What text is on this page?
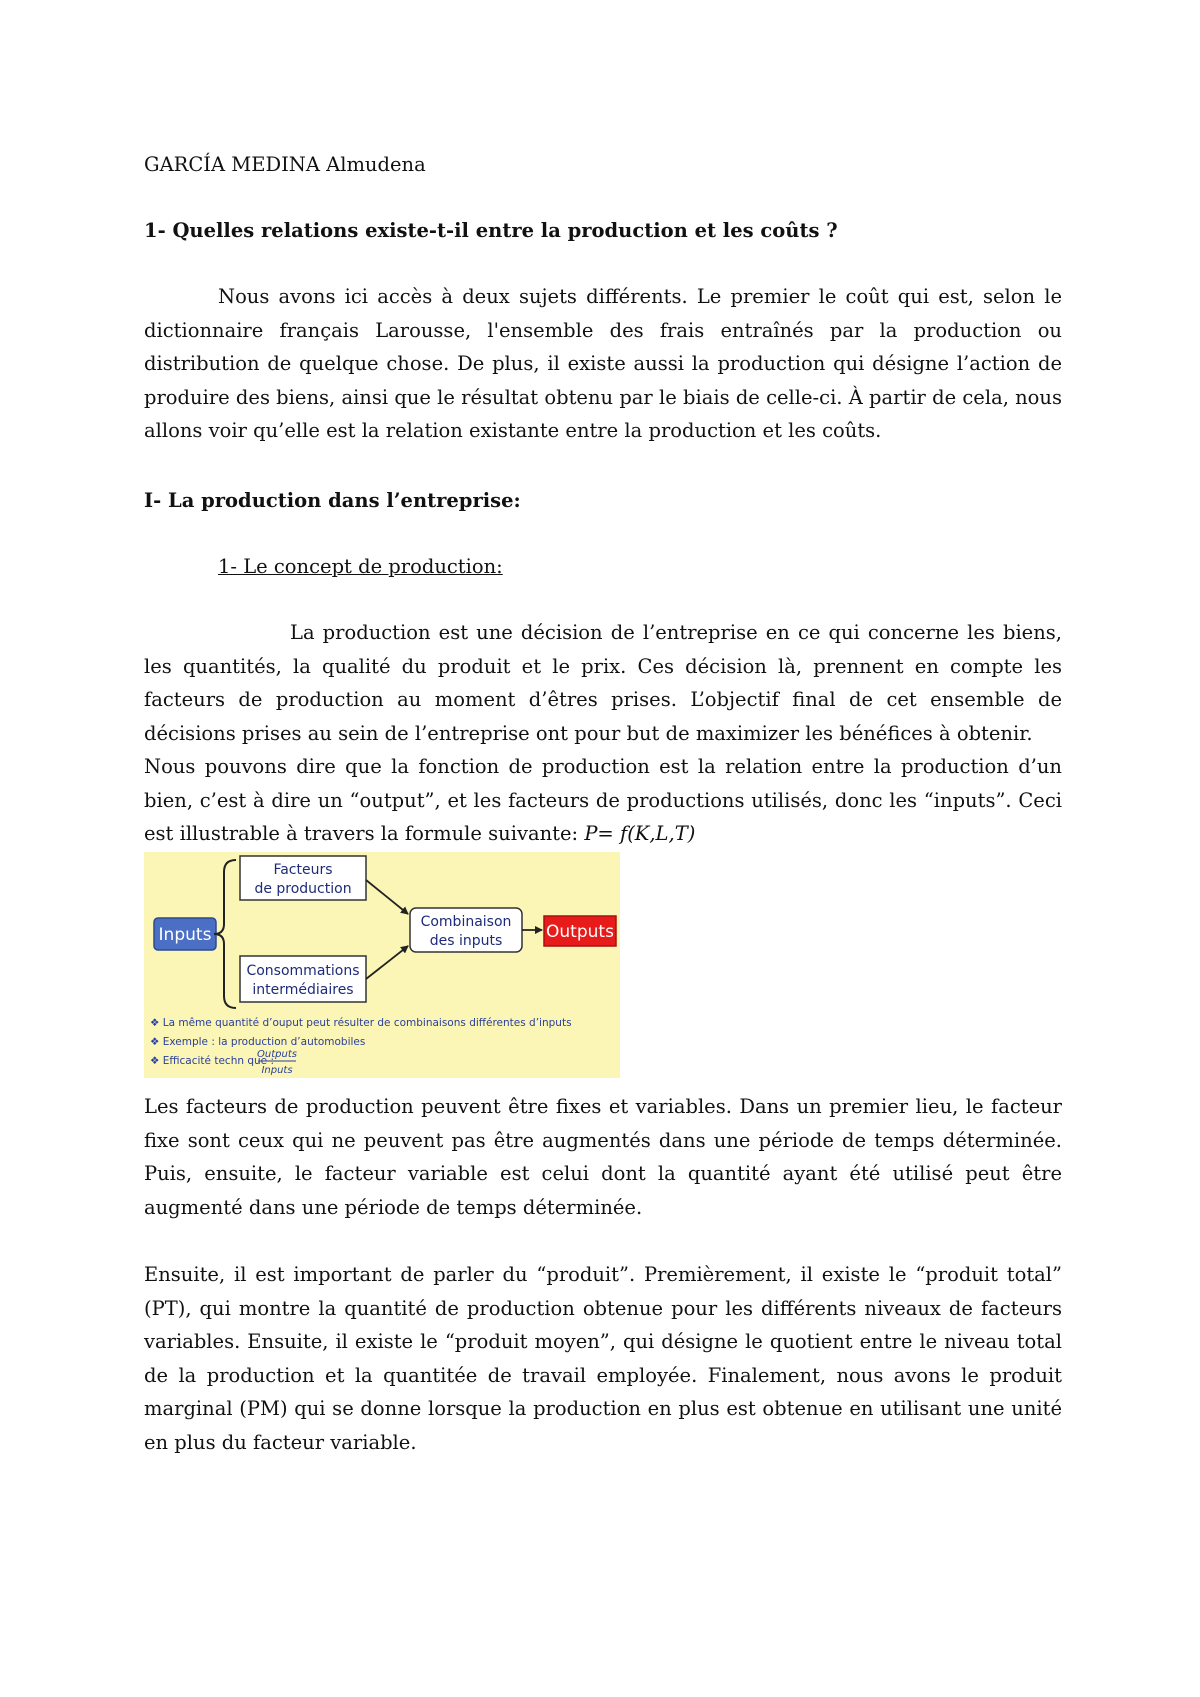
GARCÍA MEDINA Almudena

1- Quelles relations existe-t-il entre la production et les coûts ?

Nous avons ici accès à deux sujets différents. Le premier le coût qui est, selon le dictionnaire français Larousse, l'ensemble des frais entraînés par la production ou distribution de quelque chose. De plus, il existe aussi la production qui désigne l’action de produire des biens, ainsi que le résultat obtenu par le biais de celle-ci. À partir de cela, nous allons voir qu’elle est la relation existante entre la production et les coûts.

I- La production dans l’entreprise:

1- Le concept de production:

La production est une décision de l’entreprise en ce qui concerne les biens, les quantités, la qualité du produit et le prix. Ces décision là, prennent en compte les facteurs de production au moment d’êtres prises. L’objectif final de cet ensemble de décisions prises au sein de l’entreprise ont pour but de maximizer les bénéfices à obtenir.

Nous pouvons dire que la fonction de production est la relation entre la production d’un bien, c’est à dire un “output”, et les facteurs de productions utilisés, donc les “inputs”. Ceci est illustrable à travers la formule suivante: P= f(K,L,T)

Inputs
Facteurs
de production
Consommations
intermédiaires
Combinaison
des inputs	Outputs
❖ La même quantité d’ouput peut résulter de combinaisons différentes d’inputs
❖ Exemple : la production d’automobiles
❖ Efficacité techn que :
Outputs
Inputs

Les facteurs de production peuvent être fixes et variables. Dans un premier lieu, le facteur fixe sont ceux qui ne peuvent pas être augmentés dans une période de temps déterminée. Puis, ensuite, le facteur variable est celui dont la quantité ayant été utilisé peut être augmenté dans une période de temps déterminée.

Ensuite, il est important de parler du “produit”. Premièrement, il existe le “produit total” (PT), qui montre la quantité de production obtenue pour les différents niveaux de facteurs variables. Ensuite, il existe le “produit moyen”, qui désigne le quotient entre le niveau total de la production et la quantitée de travail employée. Finalement, nous avons le produit marginal (PM) qui se donne lorsque la production en plus est obtenue en utilisant une unité en plus du facteur variable.
